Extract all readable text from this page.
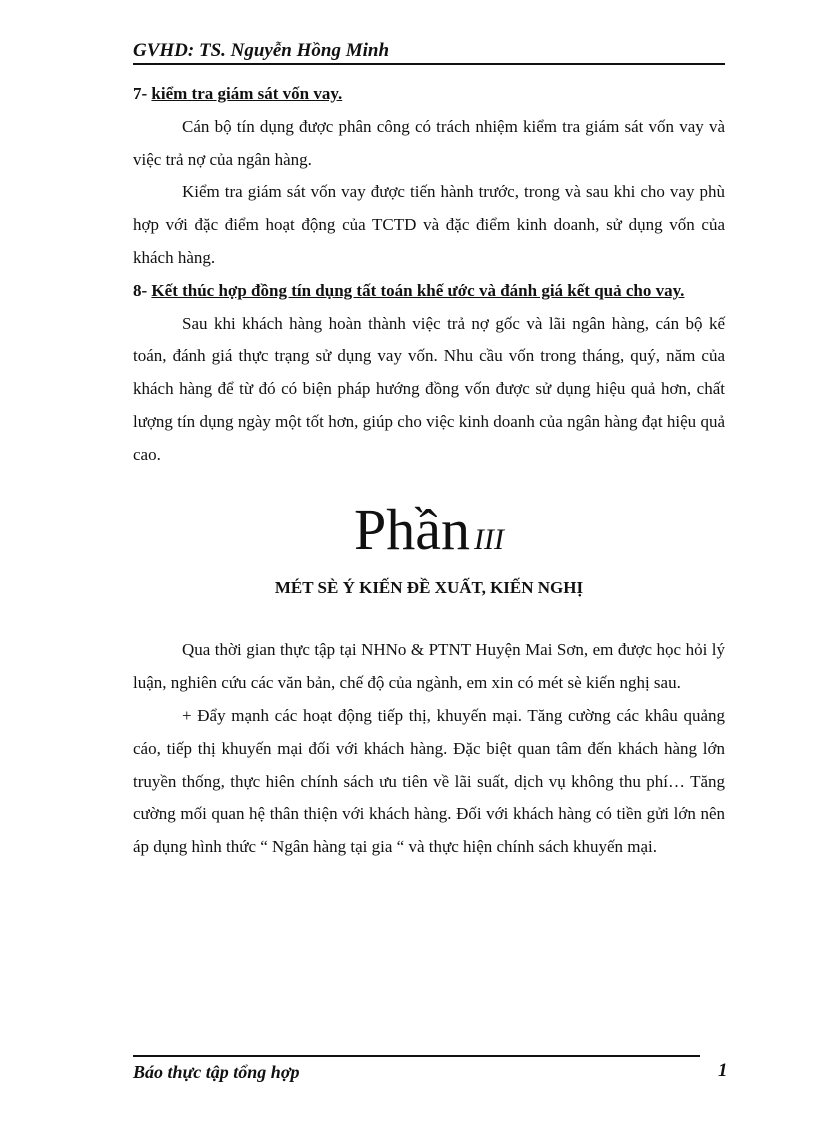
GVHD: TS. Nguyễn Hồng Minh

7- kiểm tra giám sát vốn vay.

Cán bộ tín dụng được phân công có trách nhiệm kiểm tra giám sát vốn vay và việc trả nợ của ngân hàng.

Kiểm tra giám sát vốn vay được tiến hành trước, trong và sau khi cho vay phù hợp với đặc điểm hoạt động của TCTD và đặc điểm kinh doanh, sử dụng vốn của khách hàng.

8- Kết thúc hợp đồng tín dụng tất toán khế ước và đánh giá kết quả cho vay.

Sau khi khách hàng hoàn thành việc trả nợ gốc và lãi ngân hàng, cán bộ kế toán, đánh giá thực trạng sử dụng vay vốn. Nhu cầu vốn trong tháng, quý, năm của khách hàng để từ đó có biện pháp hướng đồng vốn được sử dụng hiệu quả hơn, chất lượng tín dụng ngày một tốt hơn, giúp cho việc kinh doanh của ngân hàng đạt hiệu quả cao.

Phần III
MÉT SÈ Ý KIẾN ĐỀ XUẤT, KIẾN NGHỊ

Qua thời gian thực tập tại NHNo & PTNT Huyện Mai Sơn, em được học hỏi lý luận, nghiên cứu các văn bản, chế độ của ngành, em xin có mét sè kiến nghị sau.

+ Đẩy mạnh các hoạt động tiếp thị, khuyến mại. Tăng cường các khâu quảng cáo, tiếp thị khuyến mại đối với khách hàng. Đặc biệt quan tâm đến khách hàng lớn truyền thống, thực hiên chính sách ưu tiên về lãi suất, dịch vụ không thu phí… Tăng cường mối quan hệ thân thiện với khách hàng. Đối với khách hàng có tiền gửi lớn nên áp dụng hình thức “ Ngân hàng tại gia “ và thực hiện chính sách khuyến mại.

Báo thực tập tổng hợp	1
